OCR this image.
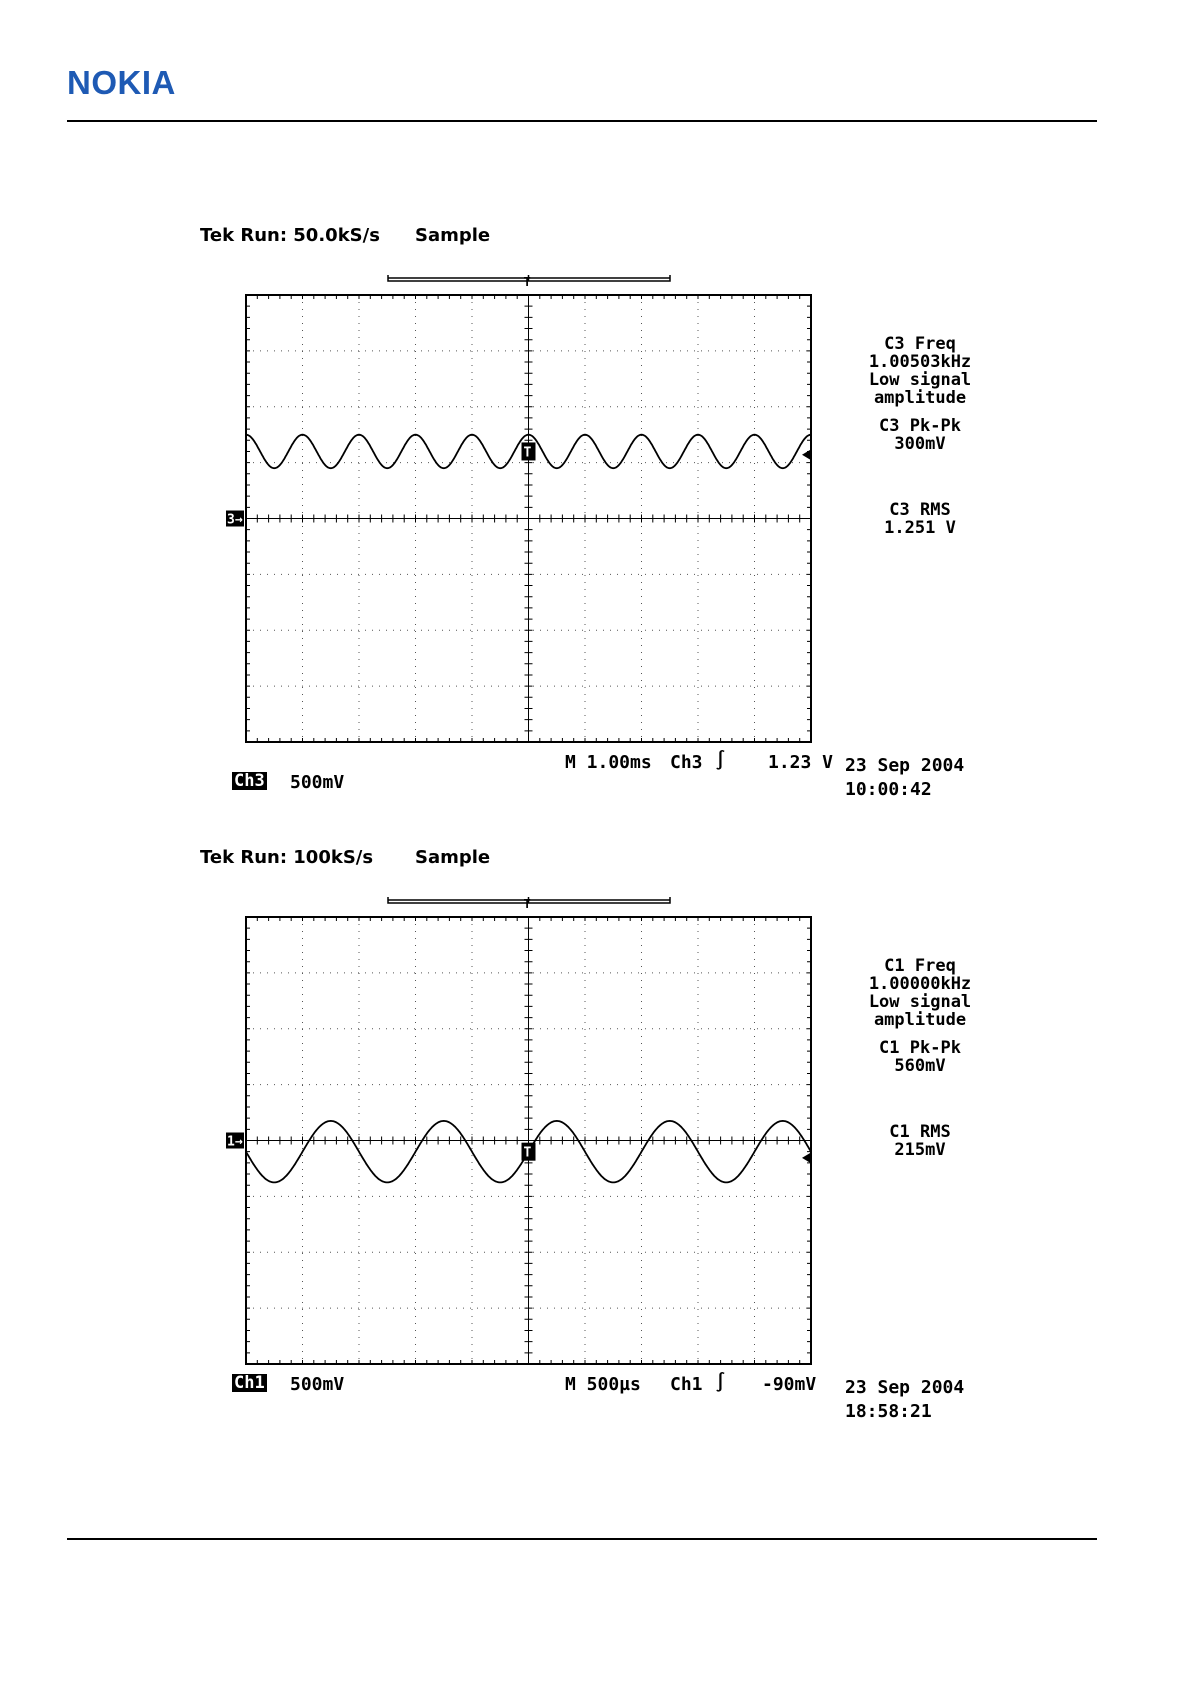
NOKIA
Tek Run: 50.0kS/s Sample
3→
T
T
C3 Freq
1.00503kHz
Low signal
amplitude
C3 Pk-Pk
300mV
C3 RMS
1.251 V
Ch3 500mV
M 1.00ms Ch3 ∫ 1.23 V 23 Sep 2004
10:00:42
Tek Run: 100kS/s Sample
1→
T
T
C1 Freq
1.00000kHz
Low signal
amplitude
C1 Pk-Pk
560mV
C1 RMS
215mV
Ch1 500mV	M 500µs Ch1 ∫ -90mV 23 Sep 2004
18:58:21
